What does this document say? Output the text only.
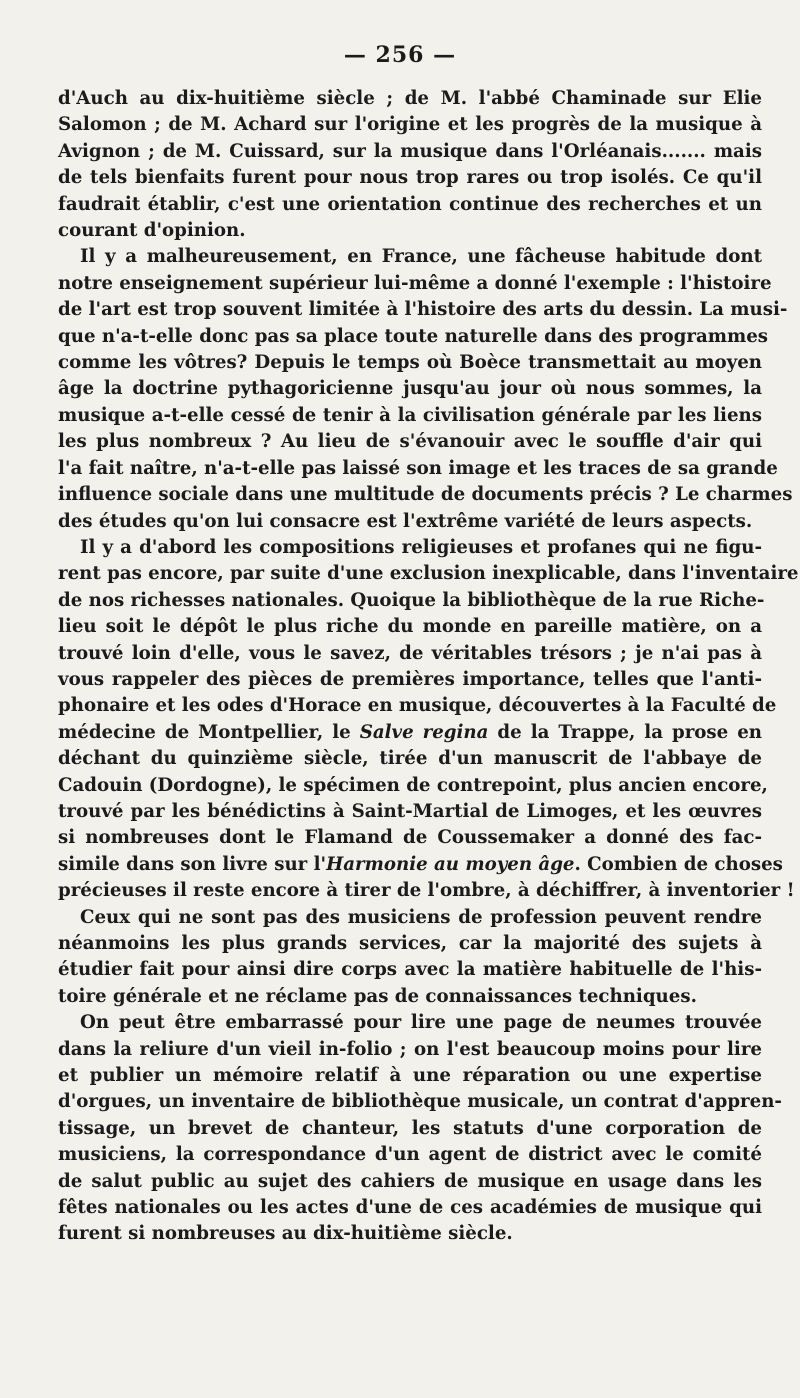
— 256 —
d'Auch au dix-huitième siècle ; de M. l'abbé Chaminade sur Elie
Salomon ; de M. Achard sur l'origine et les progrès de la musique à
Avignon ; de M. Cuissard, sur la musique dans l'Orléanais....... mais
de tels bienfaits furent pour nous trop rares ou trop isolés. Ce qu'il
faudrait établir, c'est une orientation continue des recherches et un
courant d'opinion.
Il y a malheureusement, en France, une fâcheuse habitude dont
notre enseignement supérieur lui-même a donné l'exemple : l'histoire
de l'art est trop souvent limitée à l'histoire des arts du dessin. La musi-
que n'a-t-elle donc pas sa place toute naturelle dans des programmes
comme les vôtres? Depuis le temps où Boèce transmettait au moyen
âge la doctrine pythagoricienne jusqu'au jour où nous sommes, la
musique a-t-elle cessé de tenir à la civilisation générale par les liens
les plus nombreux ? Au lieu de s'évanouir avec le souffle d'air qui
l'a fait naître, n'a-t-elle pas laissé son image et les traces de sa grande
influence sociale dans une multitude de documents précis ? Le charmes
des études qu'on lui consacre est l'extrême variété de leurs aspects.
Il y a d'abord les compositions religieuses et profanes qui ne figu-
rent pas encore, par suite d'une exclusion inexplicable, dans l'inventaire
de nos richesses nationales. Quoique la bibliothèque de la rue Riche-
lieu soit le dépôt le plus riche du monde en pareille matière, on a
trouvé loin d'elle, vous le savez, de véritables trésors ; je n'ai pas à
vous rappeler des pièces de premières importance, telles que l'anti-
phonaire et les odes d'Horace en musique, découvertes à la Faculté de
médecine de Montpellier, le Salve regina de la Trappe, la prose en
déchant du quinzième siècle, tirée d'un manuscrit de l'abbaye de
Cadouin (Dordogne), le spécimen de contrepoint, plus ancien encore,
trouvé par les bénédictins à Saint-Martial de Limoges, et les œuvres
si nombreuses dont le Flamand de Coussemaker a donné des fac-
simile dans son livre sur l'Harmonie au moyen âge. Combien de choses
précieuses il reste encore à tirer de l'ombre, à déchiffrer, à inventorier !
Ceux qui ne sont pas des musiciens de profession peuvent rendre
néanmoins les plus grands services, car la majorité des sujets à
étudier fait pour ainsi dire corps avec la matière habituelle de l'his-
toire générale et ne réclame pas de connaissances techniques.
On peut être embarrassé pour lire une page de neumes trouvée
dans la reliure d'un vieil in-folio ; on l'est beaucoup moins pour lire
et publier un mémoire relatif à une réparation ou une expertise
d'orgues, un inventaire de bibliothèque musicale, un contrat d'appren-
tissage, un brevet de chanteur, les statuts d'une corporation de
musiciens, la correspondance d'un agent de district avec le comité
de salut public au sujet des cahiers de musique en usage dans les
fêtes nationales ou les actes d'une de ces académies de musique qui
furent si nombreuses au dix-huitième siècle.
